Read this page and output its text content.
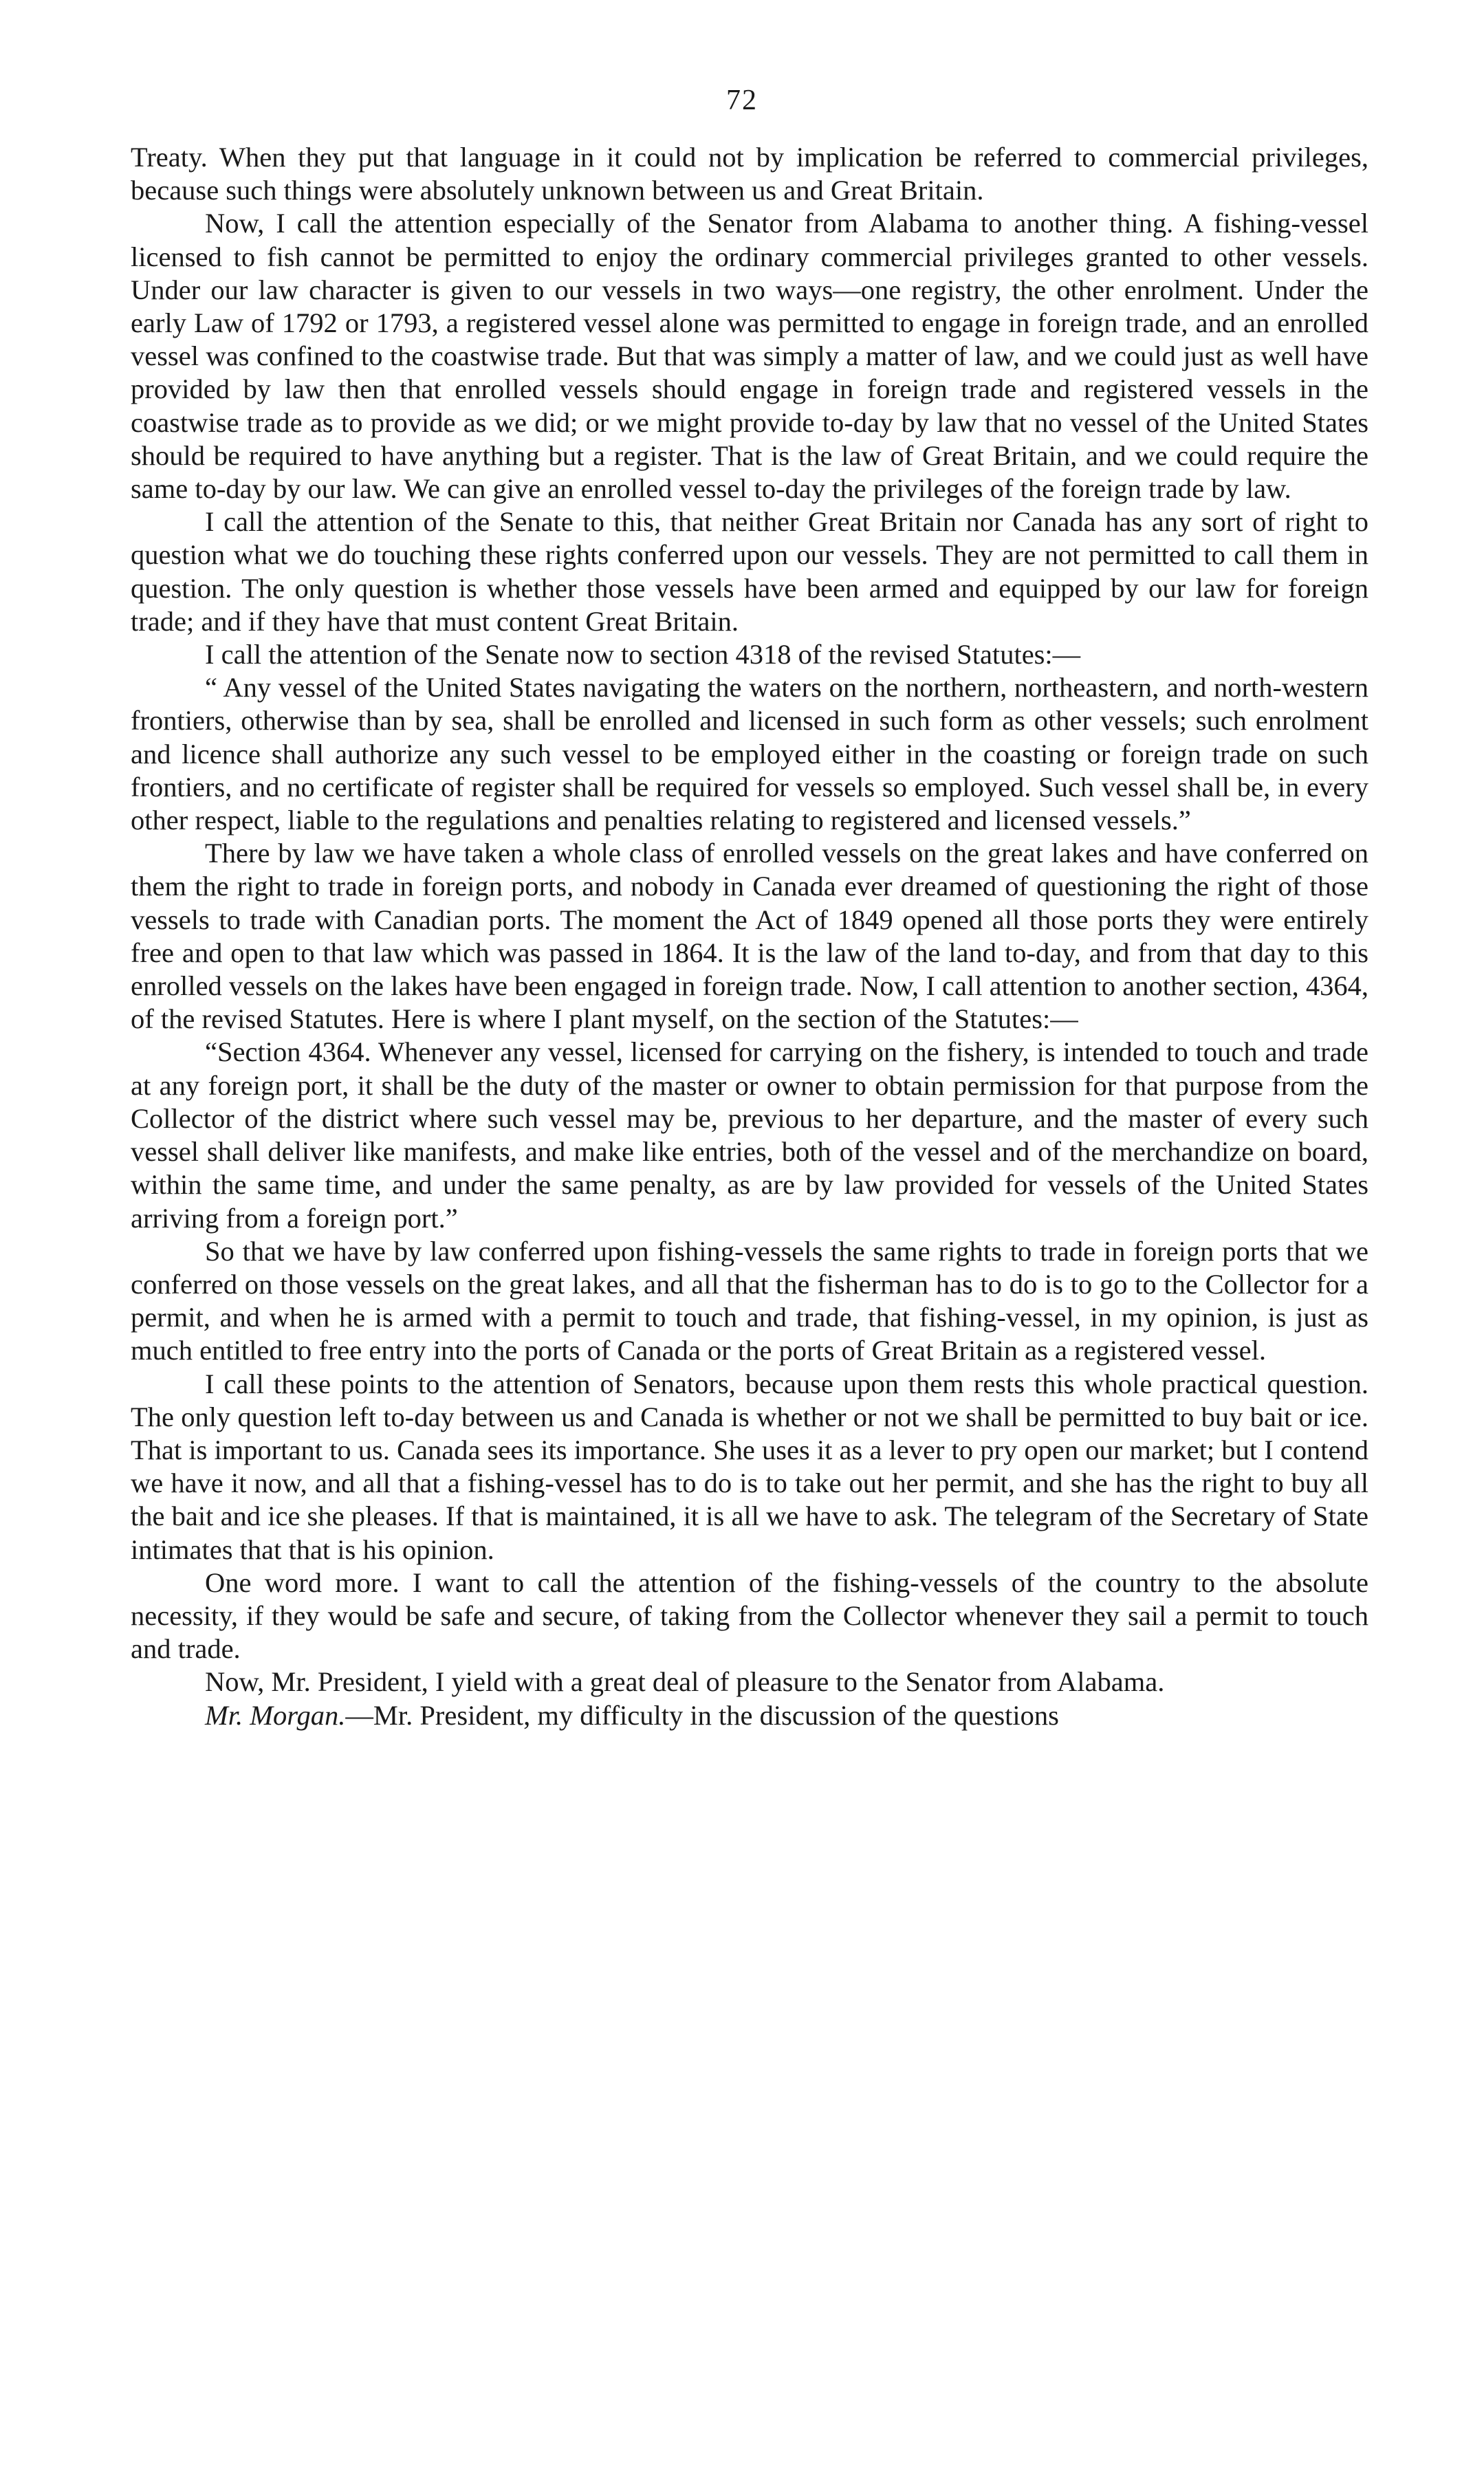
72

Treaty. When they put that language in it could not by implication be referred to commercial privileges, because such things were absolutely unknown between us and Great Britain.

Now, I call the attention especially of the Senator from Alabama to another thing. A fishing-vessel licensed to fish cannot be permitted to enjoy the ordinary commercial privileges granted to other vessels. Under our law character is given to our vessels in two ways—one registry, the other enrolment. Under the early Law of 1792 or 1793, a registered vessel alone was permitted to engage in foreign trade, and an enrolled vessel was confined to the coastwise trade. But that was simply a matter of law, and we could just as well have provided by law then that enrolled vessels should engage in foreign trade and registered vessels in the coastwise trade as to provide as we did; or we might provide to-day by law that no vessel of the United States should be required to have anything but a register. That is the law of Great Britain, and we could require the same to-day by our law. We can give an enrolled vessel to-day the privileges of the foreign trade by law.

I call the attention of the Senate to this, that neither Great Britain nor Canada has any sort of right to question what we do touching these rights conferred upon our vessels. They are not permitted to call them in question. The only question is whether those vessels have been armed and equipped by our law for foreign trade; and if they have that must content Great Britain.

I call the attention of the Senate now to section 4318 of the revised Statutes:—

“ Any vessel of the United States navigating the waters on the northern, northeastern, and north-western frontiers, otherwise than by sea, shall be enrolled and licensed in such form as other vessels; such enrolment and licence shall authorize any such vessel to be employed either in the coasting or foreign trade on such frontiers, and no certificate of register shall be required for vessels so employed. Such vessel shall be, in every other respect, liable to the regulations and penalties relating to registered and licensed vessels.”

There by law we have taken a whole class of enrolled vessels on the great lakes and have conferred on them the right to trade in foreign ports, and nobody in Canada ever dreamed of questioning the right of those vessels to trade with Canadian ports. The moment the Act of 1849 opened all those ports they were entirely free and open to that law which was passed in 1864. It is the law of the land to-day, and from that day to this enrolled vessels on the lakes have been engaged in foreign trade. Now, I call attention to another section, 4364, of the revised Statutes. Here is where I plant myself, on the section of the Statutes:—

“Section 4364. Whenever any vessel, licensed for carrying on the fishery, is intended to touch and trade at any foreign port, it shall be the duty of the master or owner to obtain permission for that purpose from the Collector of the district where such vessel may be, previous to her departure, and the master of every such vessel shall deliver like manifests, and make like entries, both of the vessel and of the merchandize on board, within the same time, and under the same penalty, as are by law provided for vessels of the United States arriving from a foreign port.”

So that we have by law conferred upon fishing-vessels the same rights to trade in foreign ports that we conferred on those vessels on the great lakes, and all that the fisherman has to do is to go to the Collector for a permit, and when he is armed with a permit to touch and trade, that fishing-vessel, in my opinion, is just as much entitled to free entry into the ports of Canada or the ports of Great Britain as a registered vessel.

I call these points to the attention of Senators, because upon them rests this whole practical question. The only question left to-day between us and Canada is whether or not we shall be permitted to buy bait or ice. That is important to us. Canada sees its importance. She uses it as a lever to pry open our market; but I contend we have it now, and all that a fishing-vessel has to do is to take out her permit, and she has the right to buy all the bait and ice she pleases. If that is maintained, it is all we have to ask. The telegram of the Secretary of State intimates that that is his opinion.

One word more. I want to call the attention of the fishing-vessels of the country to the absolute necessity, if they would be safe and secure, of taking from the Collector whenever they sail a permit to touch and trade.

Now, Mr. President, I yield with a great deal of pleasure to the Senator from Alabama.

Mr. Morgan.—Mr. President, my difficulty in the discussion of the questions
